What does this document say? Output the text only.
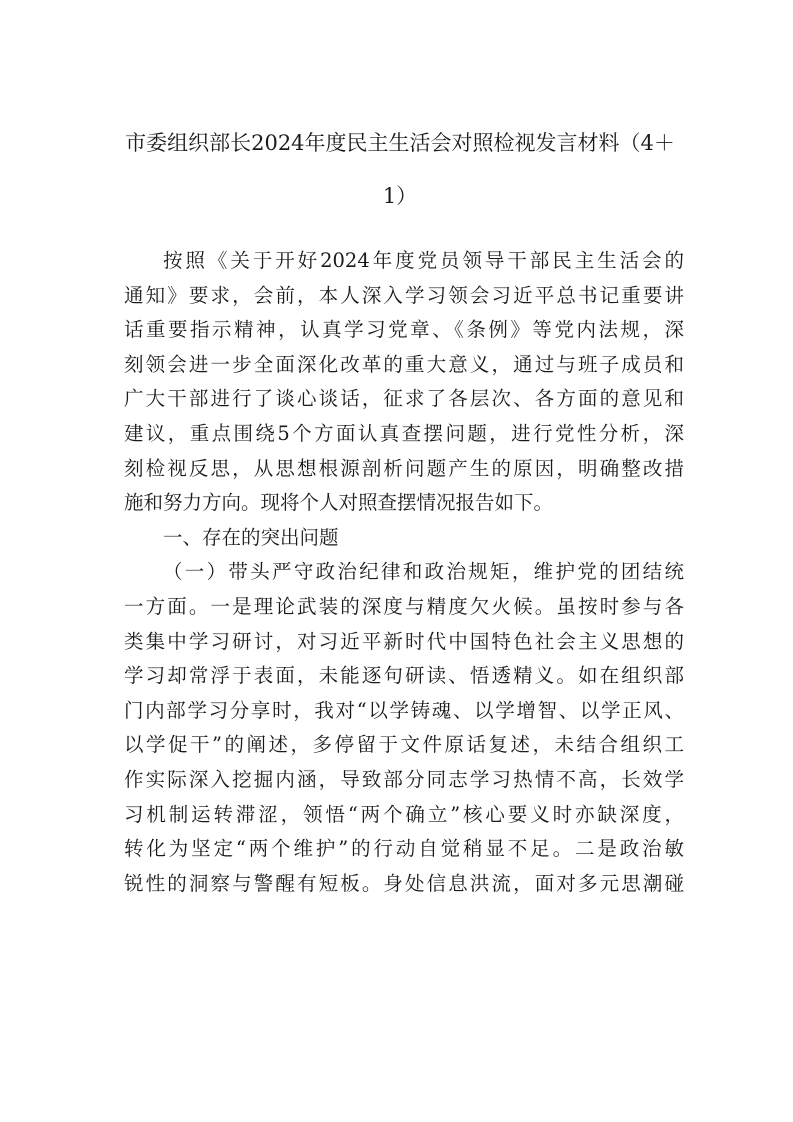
市委组织部长2024年度民主生活会对照检视发言材料（4＋
1）
按照《关于开好2024年度党员领导干部民主生活会的
通知》要求，会前，本人深入学习领会习近平总书记重要讲
话重要指示精神，认真学习党章、《条例》等党内法规，深
刻领会进一步全面深化改革的重大意义，通过与班子成员和
广大干部进行了谈心谈话，征求了各层次、各方面的意见和
建议，重点围绕5个方面认真查摆问题，进行党性分析，深
刻检视反思，从思想根源剖析问题产生的原因，明确整改措
施和努力方向。现将个人对照查摆情况报告如下。
一、存在的突出问题
（一）带头严守政治纪律和政治规矩，维护党的团结统
一方面。一是理论武装的深度与精度欠火候。虽按时参与各
类集中学习研讨，对习近平新时代中国特色社会主义思想的
学习却常浮于表面，未能逐句研读、悟透精义。如在组织部
门内部学习分享时，我对“以学铸魂、以学增智、以学正风、
以学促干”的阐述，多停留于文件原话复述，未结合组织工
作实际深入挖掘内涵，导致部分同志学习热情不高，长效学
习机制运转滞涩，领悟“两个确立”核心要义时亦缺深度，
转化为坚定“两个维护”的行动自觉稍显不足。二是政治敏
锐性的洞察与警醒有短板。身处信息洪流，面对多元思潮碰
